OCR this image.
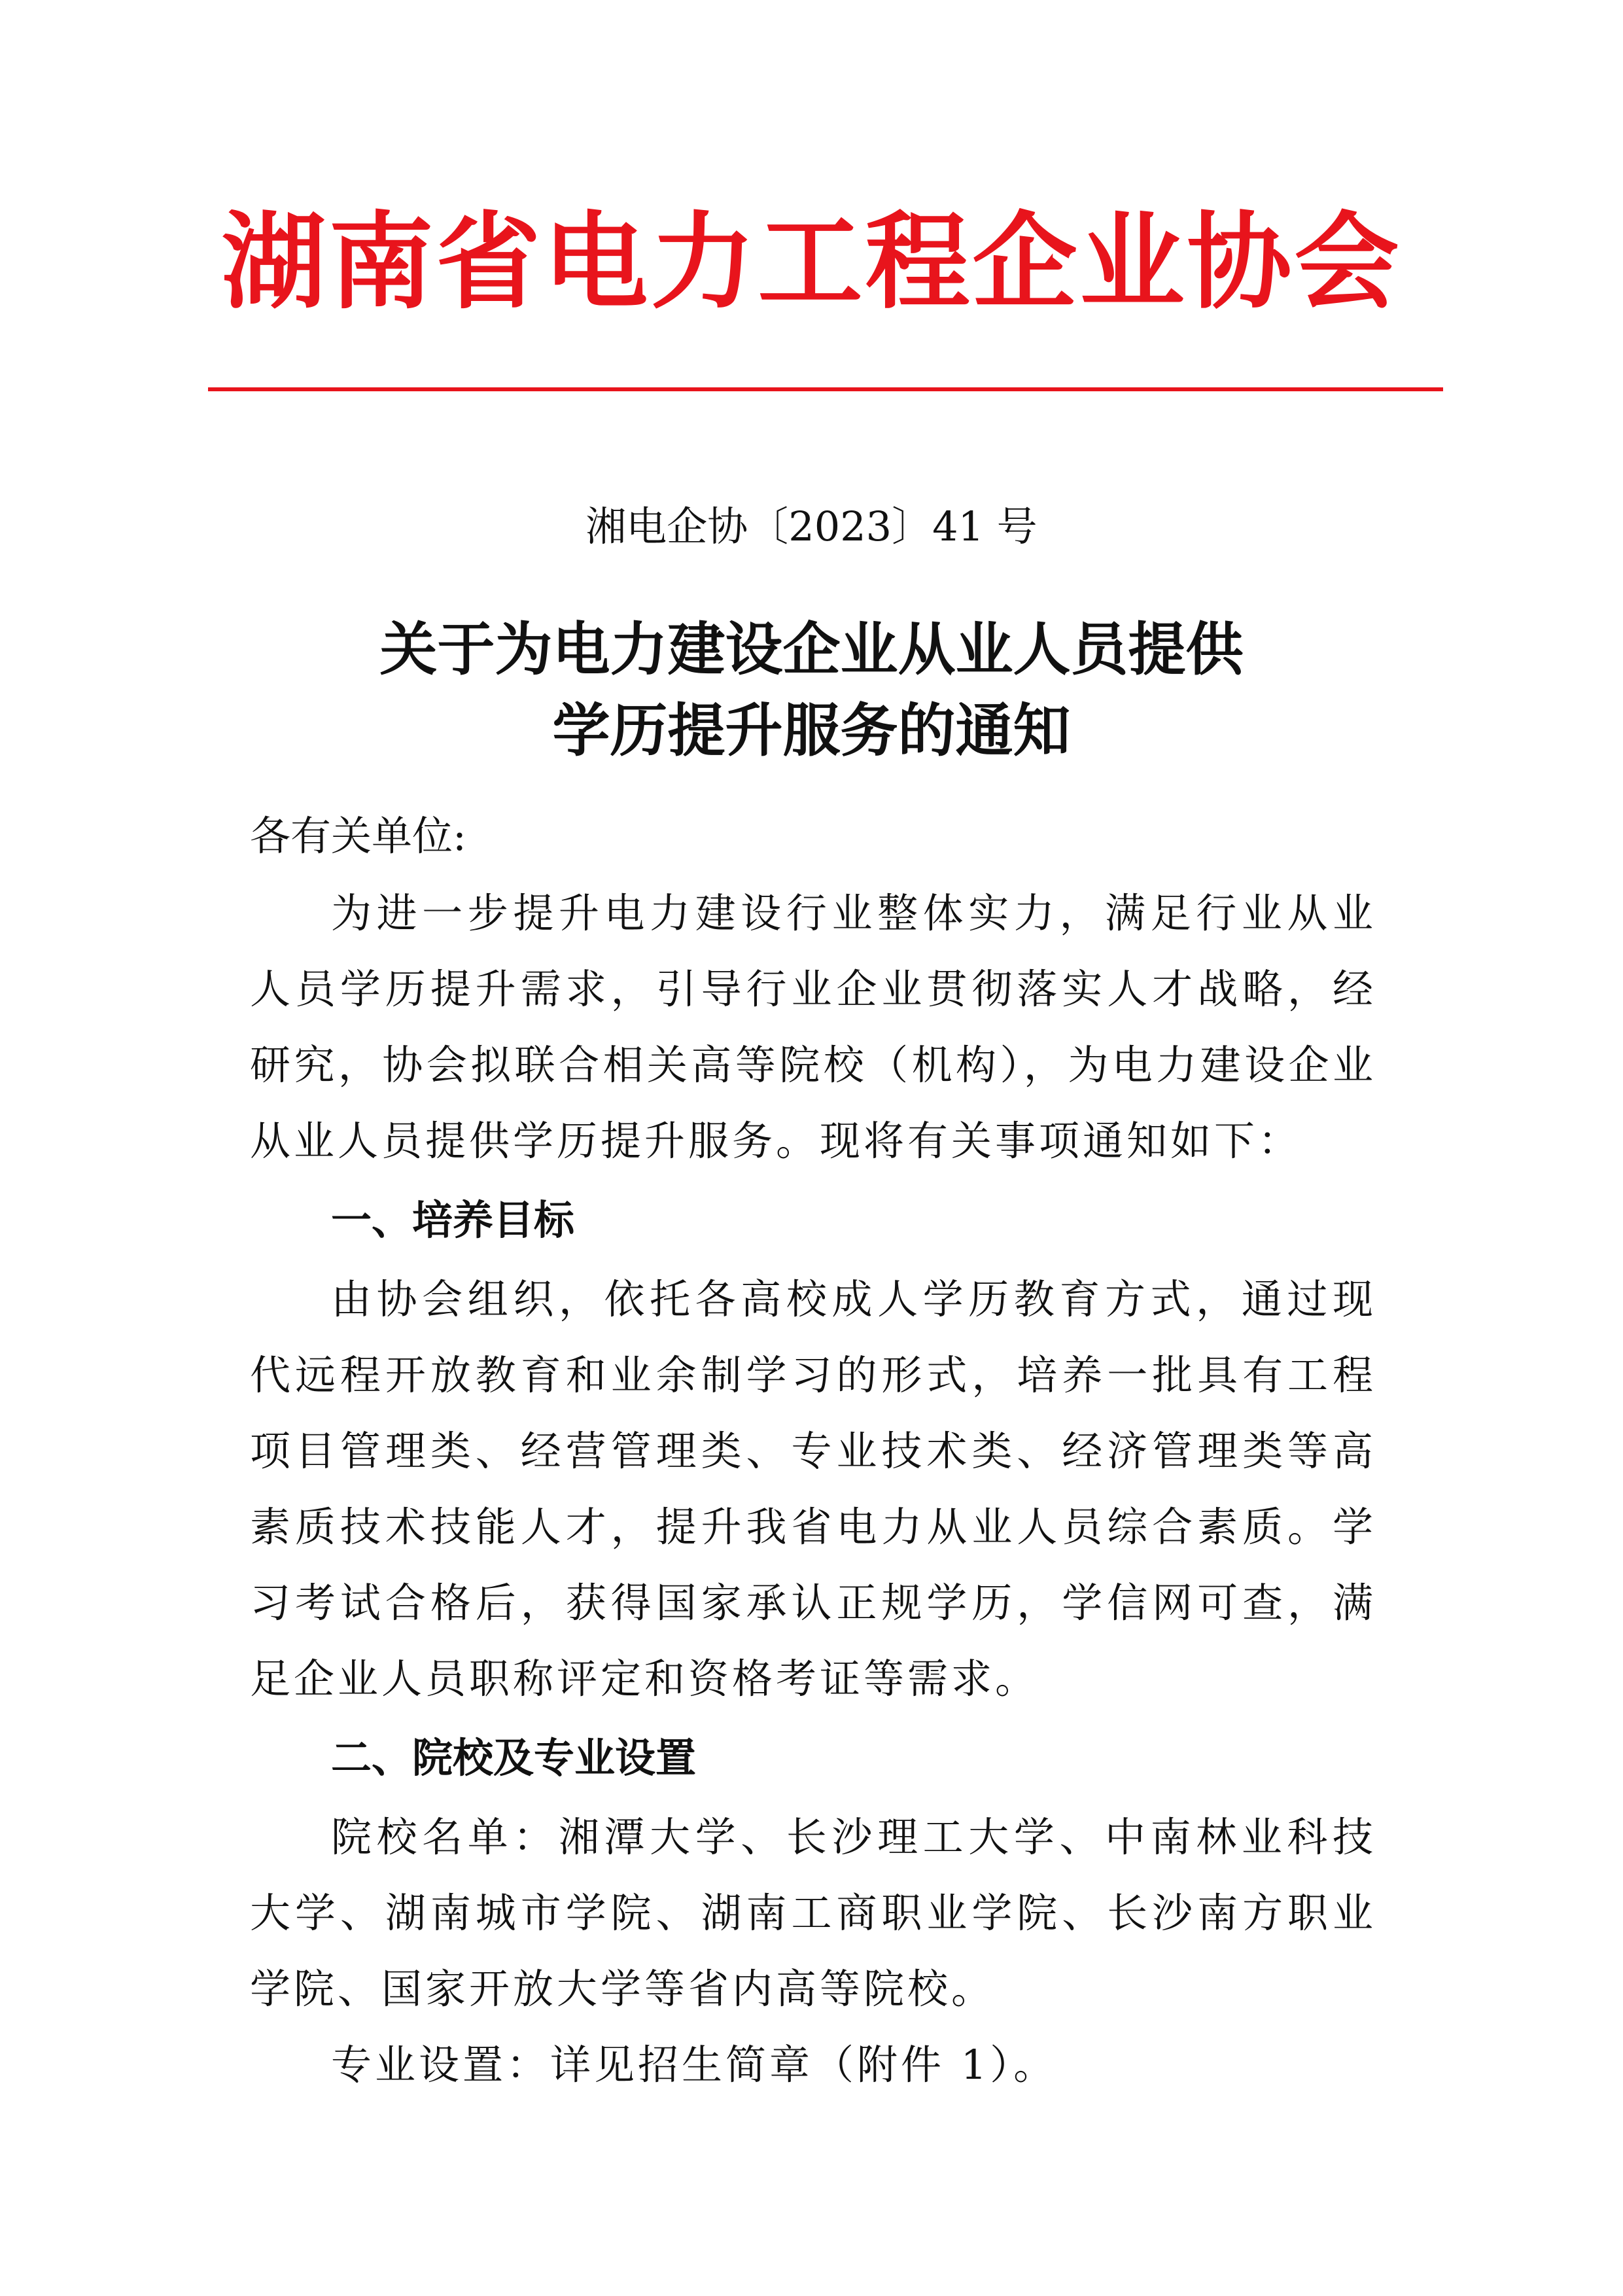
湖南省电力工程企业协会
湘电企协〔2023〕41 号
关于为电力建设企业从业人员提供
学历提升服务的通知
各有关单位:

为进一步提升电力建设行业整体实力，满足行业从业人员学历提升需求，引导行业企业贯彻落实人才战略，经研究，协会拟联合相关高等院校（机构），为电力建设企业从业人员提供学历提升服务。现将有关事项通知如下：

一、培养目标

由协会组织，依托各高校成人学历教育方式，通过现代远程开放教育和业余制学习的形式，培养一批具有工程项目管理类、经营管理类、专业技术类、经济管理类等高素质技术技能人才，提升我省电力从业人员综合素质。学习考试合格后，获得国家承认正规学历，学信网可查，满足企业人员职称评定和资格考证等需求。

二、院校及专业设置

院校名单：湘潭大学、长沙理工大学、中南林业科技大学、湖南城市学院、湖南工商职业学院、长沙南方职业学院、国家开放大学等省内高等院校。

专业设置：详见招生简章（附件 1）。
